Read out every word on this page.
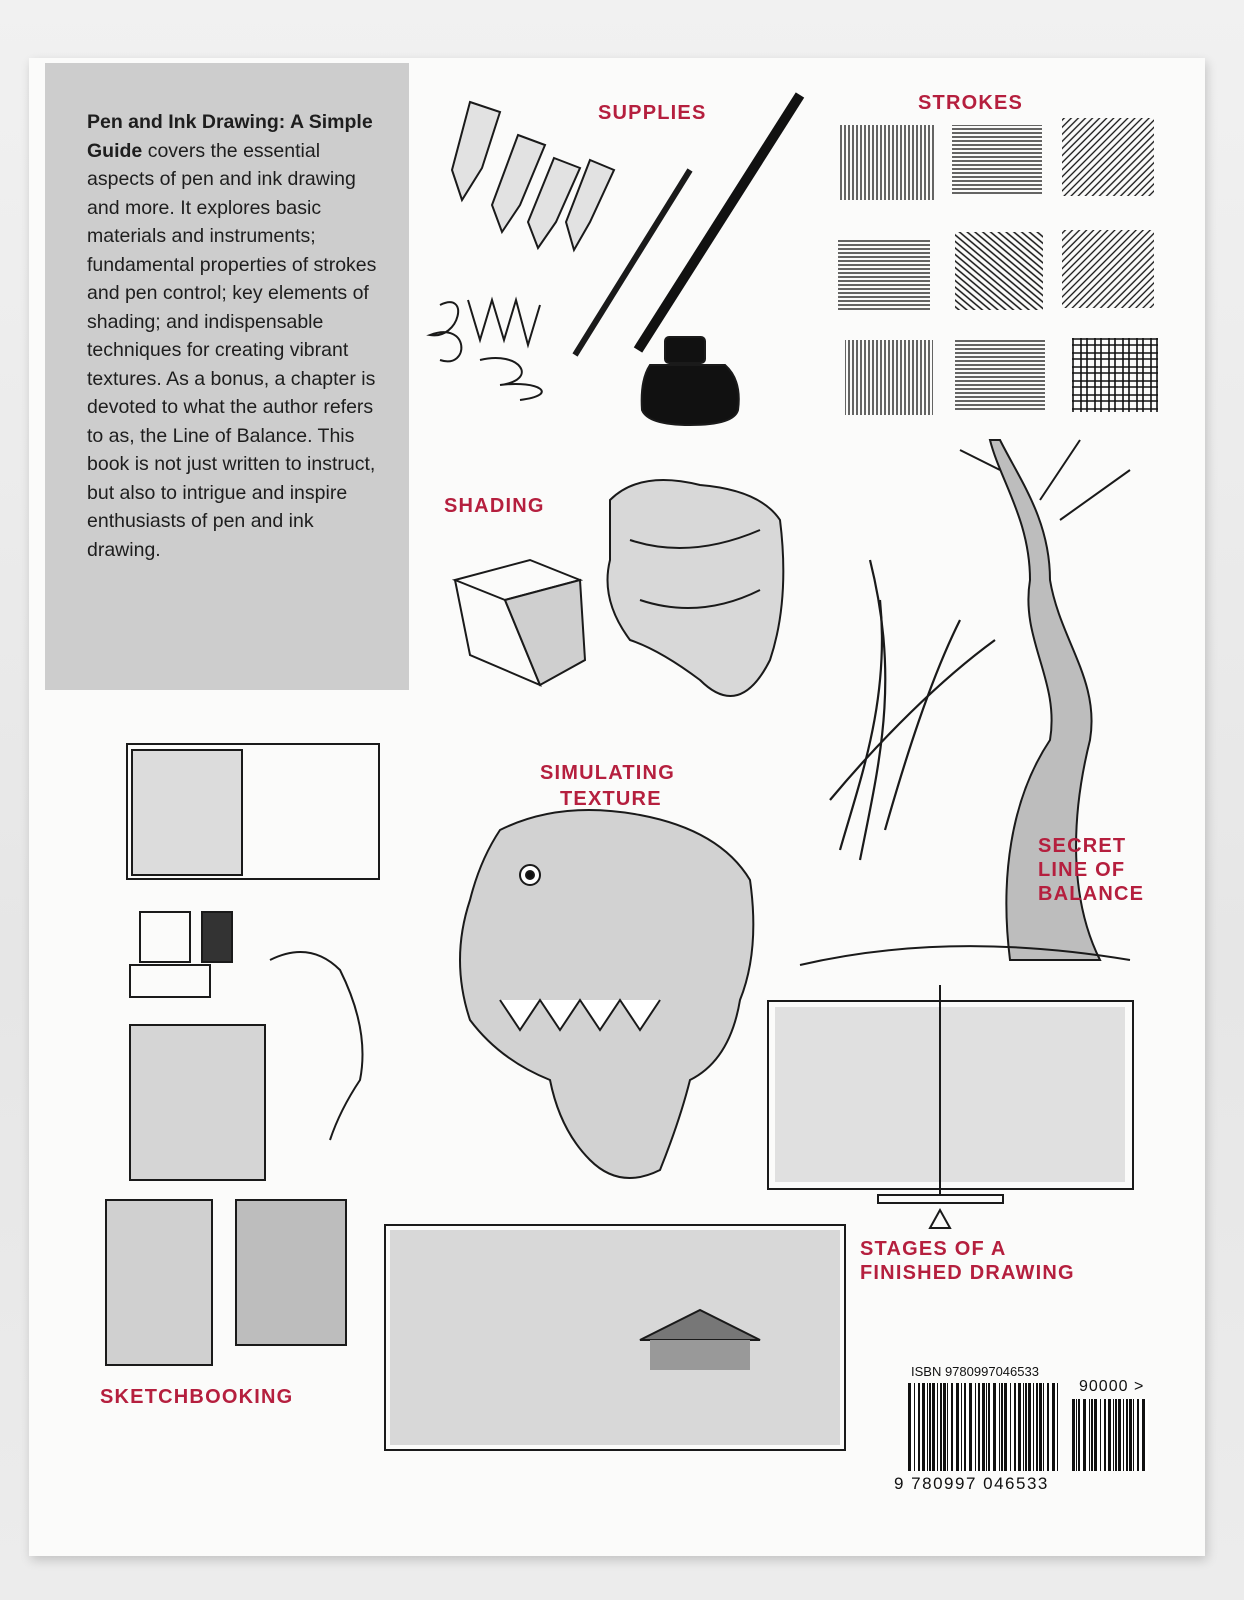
Pen and Ink Drawing: A Simple Guide covers the essential aspects of pen and ink drawing and more. It explores basic materials and instruments; fundamental properties of strokes and pen control; key elements of shading; and indispensable techniques for creating vibrant textures. As a bonus, a chapter is devoted to what the author refers to as, the Line of Balance. This book is not just written to instruct, but also to intrigue and inspire enthusiasts of pen and ink drawing.
SUPPLIES	STROKES
SHADING
SIMULATING
TEXTURE
SECRET
LINE OF
BALANCE
STAGES OF A
FINISHED DRAWING
SKETCHBOOKING
ISBN 9780997046533
90000 >
9 780997 046533
